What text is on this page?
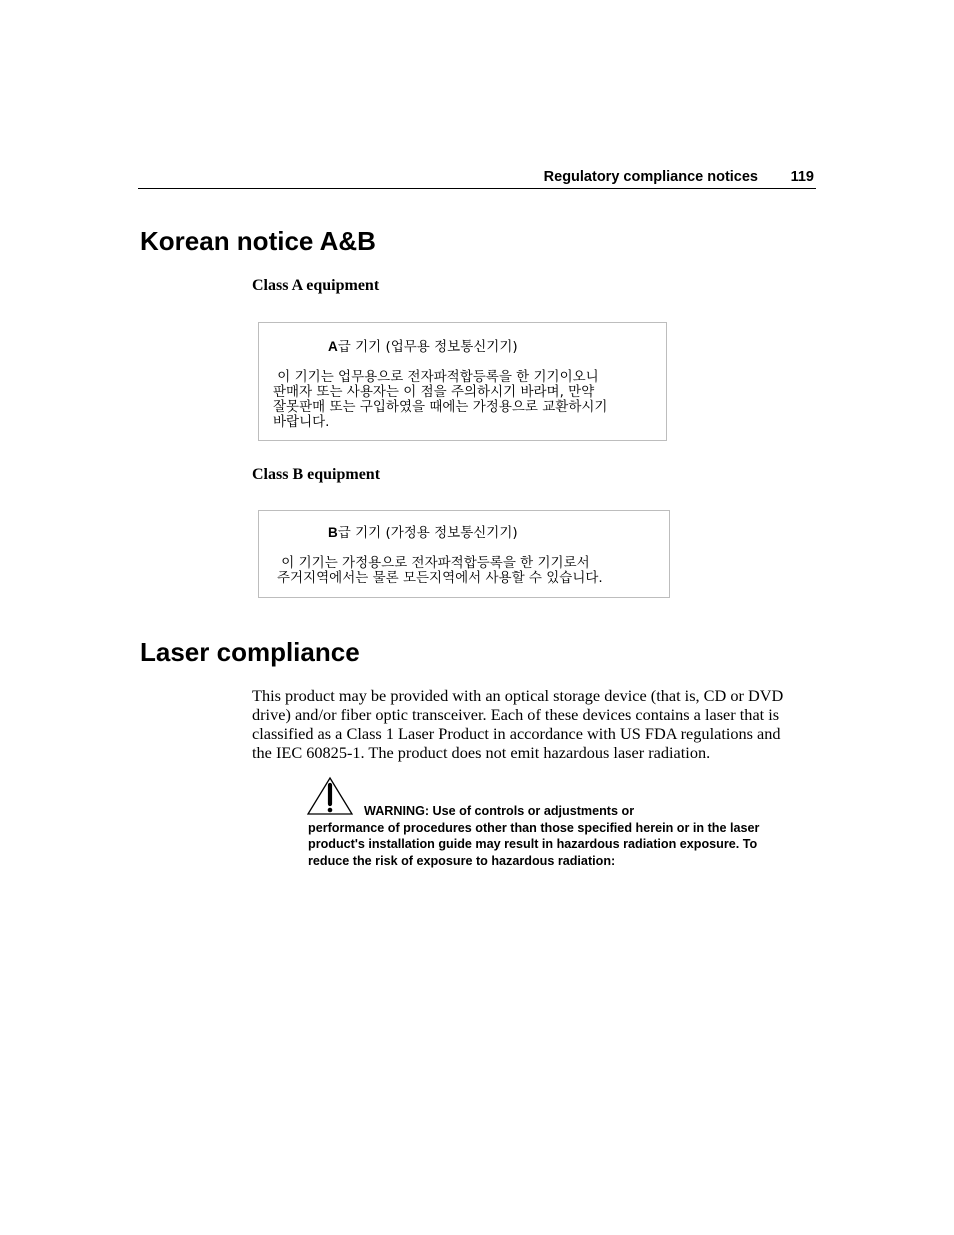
Regulatory compliance notices 119
Korean notice A&B
Class A equipment
A급 기기 (업무용 정보통신기기)
이 기기는 업무용으로 전자파적합등록을 한 기기이오니
판매자 또는 사용자는 이 점을 주의하시기 바라며, 만약
잘못판매 또는 구입하였을 때에는 가정용으로 교환하시기
바랍니다.
Class B equipment
B급 기기 (가정용 정보통신기기)
이 기기는 가정용으로 전자파적합등록을 한 기기로서
주거지역에서는 물론 모든지역에서 사용할 수 있습니다.
Laser compliance

This product may be provided with an optical storage device (that is, CD or DVD
drive) and/or fiber optic transceiver. Each of these devices contains a laser that is
classified as a Class 1 Laser Product in accordance with US FDA regulations and
the IEC 60825-1. The product does not emit hazardous laser radiation.

WARNING: Use of controls or adjustments or
performance of procedures other than those specified herein or in the laser product's installation guide may result in hazardous radiation exposure. To reduce the risk of exposure to hazardous radiation:
